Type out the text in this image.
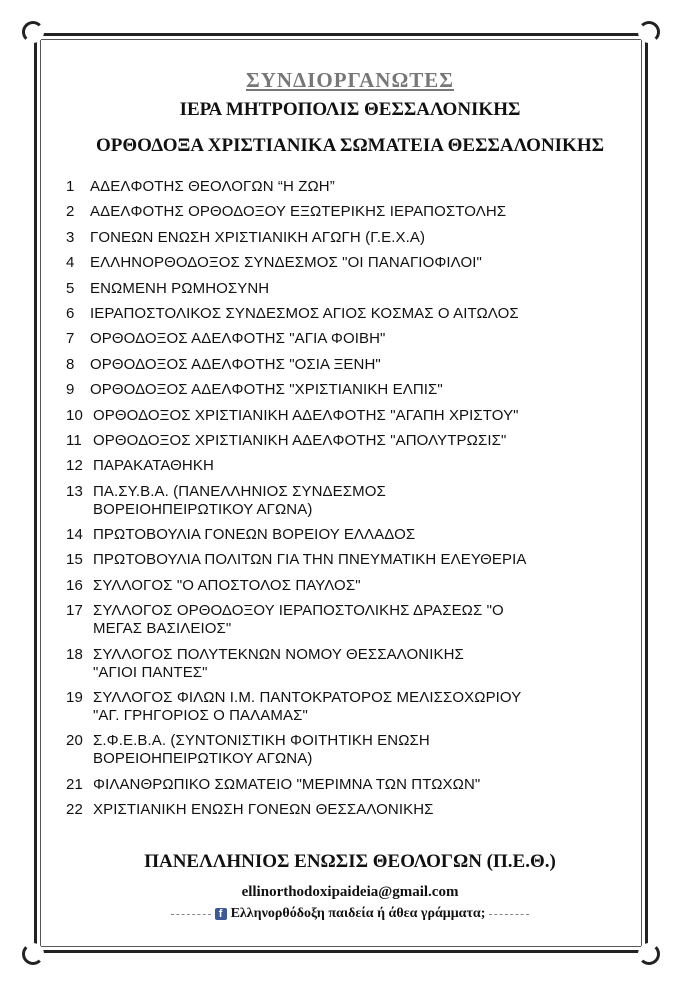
ΣΥΝΔΙΟΡΓΑΝΩΤΕΣ
ΙΕΡΑ ΜΗΤΡΟΠΟΛΙΣ ΘΕΣΣΑΛΟΝΙΚΗΣ
ΟΡΘΟΔΟΞΑ ΧΡΙΣΤΙΑΝΙΚΑ ΣΩΜΑΤΕΙΑ ΘΕΣΣΑΛΟΝΙΚΗΣ
1	ΑΔΕΛΦΟΤΗΣ ΘΕΟΛΟΓΩΝ “Η ΖΩΗ”
2	ΑΔΕΛΦΟΤΗΣ ΟΡΘΟΔΟΞΟΥ ΕΞΩΤΕΡΙΚΗΣ ΙΕΡΑΠΟΣΤΟΛΗΣ
3	ΓΟΝΕΩΝ ΕΝΩΣΗ ΧΡΙΣΤΙΑΝΙΚΗ ΑΓΩΓΗ (Γ.Ε.Χ.Α)
4	ΕΛΛΗΝΟΡΘΟΔΟΞΟΣ ΣΥΝΔΕΣΜΟΣ "ΟΙ ΠΑΝΑΓΙΟΦΙΛΟΙ"
5	ΕΝΩΜΕΝΗ ΡΩΜΗΟΣΥΝΗ
6	ΙΕΡΑΠΟΣΤΟΛΙΚΟΣ ΣΥΝΔΕΣΜΟΣ ΑΓΙΟΣ ΚΟΣΜΑΣ Ο ΑΙΤΩΛΟΣ
7	ΟΡΘΟΔΟΞΟΣ ΑΔΕΛΦΟΤΗΣ "ΑΓΙΑ ΦΟΙΒΗ"
8	ΟΡΘΟΔΟΞΟΣ ΑΔΕΛΦΟΤΗΣ "ΟΣΙΑ ΞΕΝΗ"
9	ΟΡΘΟΔΟΞΟΣ ΑΔΕΛΦΟΤΗΣ "ΧΡΙΣΤΙΑΝΙΚΗ ΕΛΠΙΣ"
10 ΟΡΘΟΔΟΞΟΣ ΧΡΙΣΤΙΑΝΙΚΗ ΑΔΕΛΦΟΤΗΣ "ΑΓΑΠΗ ΧΡΙΣΤΟΥ"
11 ΟΡΘΟΔΟΞΟΣ ΧΡΙΣΤΙΑΝΙΚΗ ΑΔΕΛΦΟΤΗΣ "ΑΠΟΛΥΤΡΩΣΙΣ"
12 ΠΑΡΑΚΑΤΑΘΗΚΗ
13 ΠΑ.ΣΥ.Β.Α. (ΠΑΝΕΛΛΗΝΙΟΣ ΣΥΝΔΕΣΜΟΣ
ΒΟΡΕΙΟΗΠΕΙΡΩΤΙΚΟΥ ΑΓΩΝΑ)
14 ΠΡΩΤΟΒΟΥΛΙΑ ΓΟΝΕΩΝ ΒΟΡΕΙΟΥ ΕΛΛΑΔΟΣ
15 ΠΡΩΤΟΒΟΥΛΙΑ ΠΟΛΙΤΩΝ ΓΙΑ ΤΗΝ ΠΝΕΥΜΑΤΙΚΗ ΕΛΕΥΘΕΡΙΑ
16 ΣΥΛΛΟΓΟΣ "Ο ΑΠΟΣΤΟΛΟΣ ΠΑΥΛΟΣ"
17 ΣΥΛΛΟΓΟΣ ΟΡΘΟΔΟΞΟΥ ΙΕΡΑΠΟΣΤΟΛΙΚΗΣ ΔΡΑΣΕΩΣ "Ο
ΜΕΓΑΣ ΒΑΣΙΛΕΙΟΣ"
18 ΣΥΛΛΟΓΟΣ ΠΟΛΥΤΕΚΝΩΝ ΝΟΜΟΥ ΘΕΣΣΑΛΟΝΙΚΗΣ
"ΑΓΙΟΙ ΠΑΝΤΕΣ"
19 ΣΥΛΛΟΓΟΣ ΦΙΛΩΝ Ι.Μ. ΠΑΝΤΟΚΡΑΤΟΡΟΣ ΜΕΛΙΣΣΟΧΩΡΙΟΥ
"ΑΓ. ΓΡΗΓΟΡΙΟΣ Ο ΠΑΛΑΜΑΣ"
20 Σ.Φ.Ε.Β.Α. (ΣΥΝΤΟΝΙΣΤΙΚΗ ΦΟΙΤΗΤΙΚΗ ΕΝΩΣΗ
ΒΟΡΕΙΟΗΠΕΙΡΩΤΙΚΟΥ ΑΓΩΝΑ)
21 ΦΙΛΑΝΘΡΩΠΙΚΟ ΣΩΜΑΤΕΙΟ "ΜΕΡΙΜΝΑ ΤΩΝ ΠΤΩΧΩΝ"
22 ΧΡΙΣΤΙΑΝΙΚΗ ΕΝΩΣΗ ΓΟΝΕΩΝ ΘΕΣΣΑΛΟΝΙΚΗΣ
ΠΑΝΕΛΛΗΝΙΟΣ ΕΝΩΣΙΣ ΘΕΟΛΟΓΩΝ (Π.Ε.Θ.)
ellinorthodoxipaideia@gmail.com
f Ελληνορθόδοξη παιδεία ή άθεα γράμματα;
